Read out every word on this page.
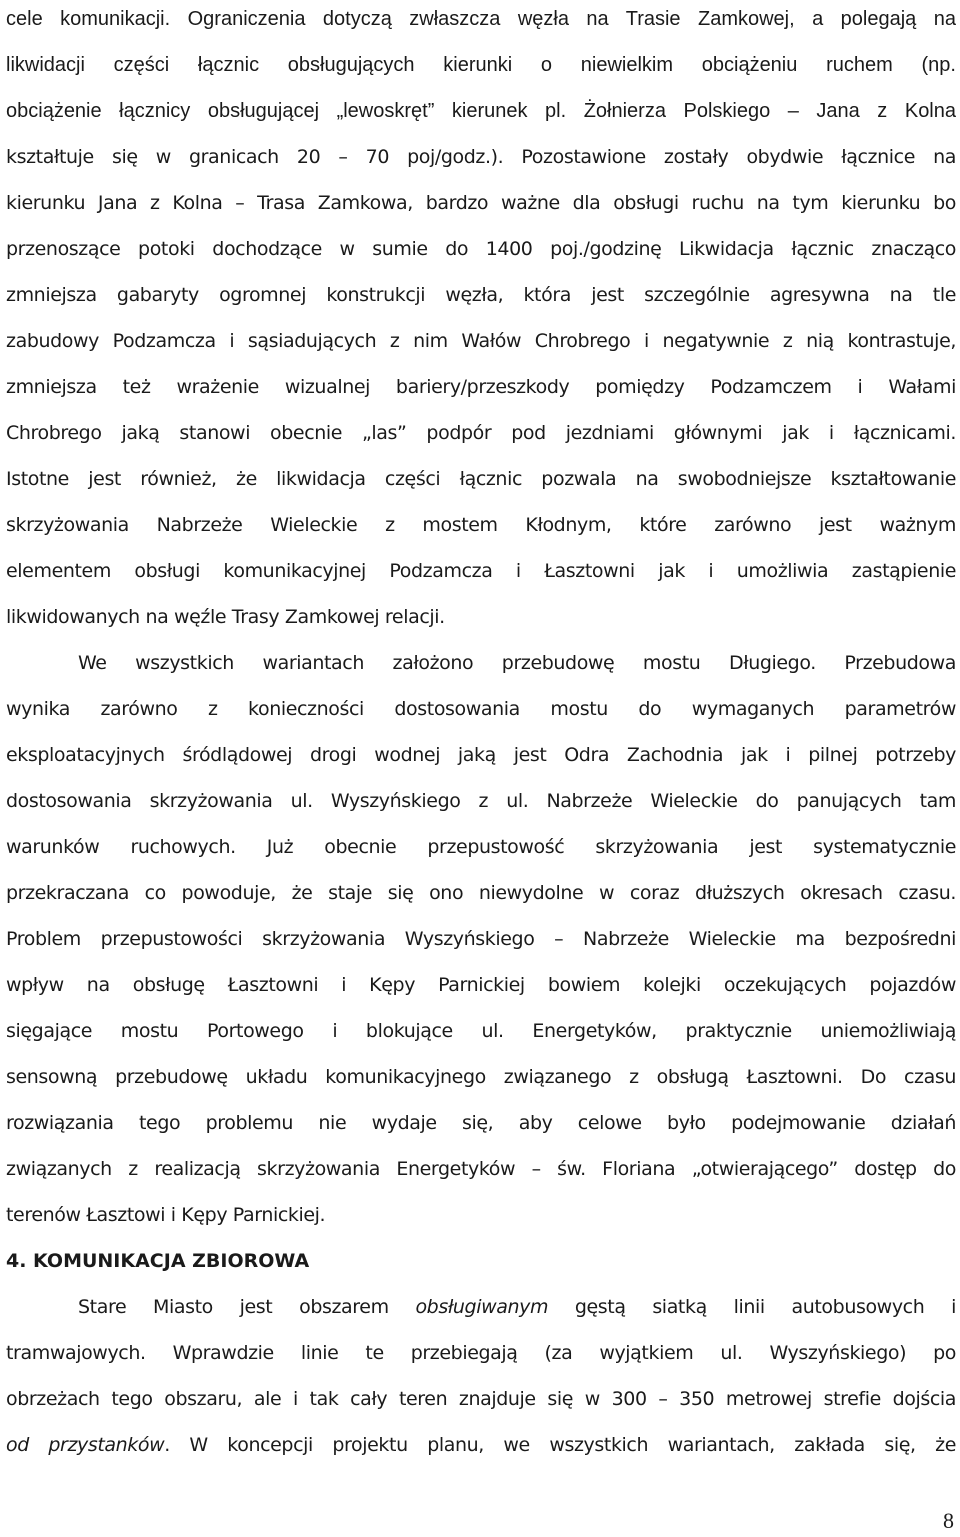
cele komunikacji. Ograniczenia dotyczą zwłaszcza węzła na Trasie Zamkowej, a polegają na
likwidacji części łącznic obsługujących kierunki o niewielkim obciążeniu ruchem (np.
obciążenie łącznicy obsługującej „lewoskręt” kierunek pl. Żołnierza Polskiego – Jana z Kolna
kształtuje się w granicach 20 – 70 poj/godz.). Pozostawione zostały obydwie łącznice na
kierunku Jana z Kolna – Trasa Zamkowa, bardzo ważne dla obsługi ruchu na tym kierunku bo
przenoszące potoki dochodzące w sumie do 1400 poj./godzinę Likwidacja łącznic znacząco
zmniejsza gabaryty ogromnej konstrukcji węzła, która jest szczególnie agresywna na tle
zabudowy Podzamcza i sąsiadujących z nim Wałów Chrobrego i negatywnie z nią kontrastuje,
zmniejsza też wrażenie wizualnej bariery/przeszkody pomiędzy Podzamczem i Wałami
Chrobrego jaką stanowi obecnie „las” podpór pod jezdniami głównymi jak i łącznicami.
Istotne jest również, że likwidacja części łącznic pozwala na swobodniejsze kształtowanie
skrzyżowania Nabrzeże Wieleckie z mostem Kłodnym, które zarówno jest ważnym
elementem obsługi komunikacyjnej Podzamcza i Łasztowni jak i umożliwia zastąpienie
likwidowanych na węźle Trasy Zamkowej relacji.
We wszystkich wariantach założono przebudowę mostu Długiego. Przebudowa
wynika zarówno z konieczności dostosowania mostu do wymaganych parametrów
eksploatacyjnych śródlądowej drogi wodnej jaką jest Odra Zachodnia jak i pilnej potrzeby
dostosowania skrzyżowania ul. Wyszyńskiego z ul. Nabrzeże Wieleckie do panujących tam
warunków ruchowych. Już obecnie przepustowość skrzyżowania jest systematycznie
przekraczana co powoduje, że staje się ono niewydolne w coraz dłuższych okresach czasu.
Problem przepustowości skrzyżowania Wyszyńskiego – Nabrzeże Wieleckie ma bezpośredni
wpływ na obsługę Łasztowni i Kępy Parnickiej bowiem kolejki oczekujących pojazdów
sięgające mostu Portowego i blokujące ul. Energetyków, praktycznie uniemożliwiają
sensowną przebudowę układu komunikacyjnego związanego z obsługą Łasztowni. Do czasu
rozwiązania tego problemu nie wydaje się, aby celowe było podejmowanie działań
związanych z realizacją skrzyżowania Energetyków – św. Floriana „otwierającego” dostęp do
terenów Łasztowi i Kępy Parnickiej.
4. KOMUNIKACJA ZBIOROWA
Stare Miasto jest obszarem obsługiwanym gęstą siatką linii autobusowych i
tramwajowych. Wprawdzie linie te przebiegają (za wyjątkiem ul. Wyszyńskiego) po
obrzeżach tego obszaru, ale i tak cały teren znajduje się w 300 – 350 metrowej strefie dojścia
od przystanków. W koncepcji projektu planu, we wszystkich wariantach, zakłada się, że
8
